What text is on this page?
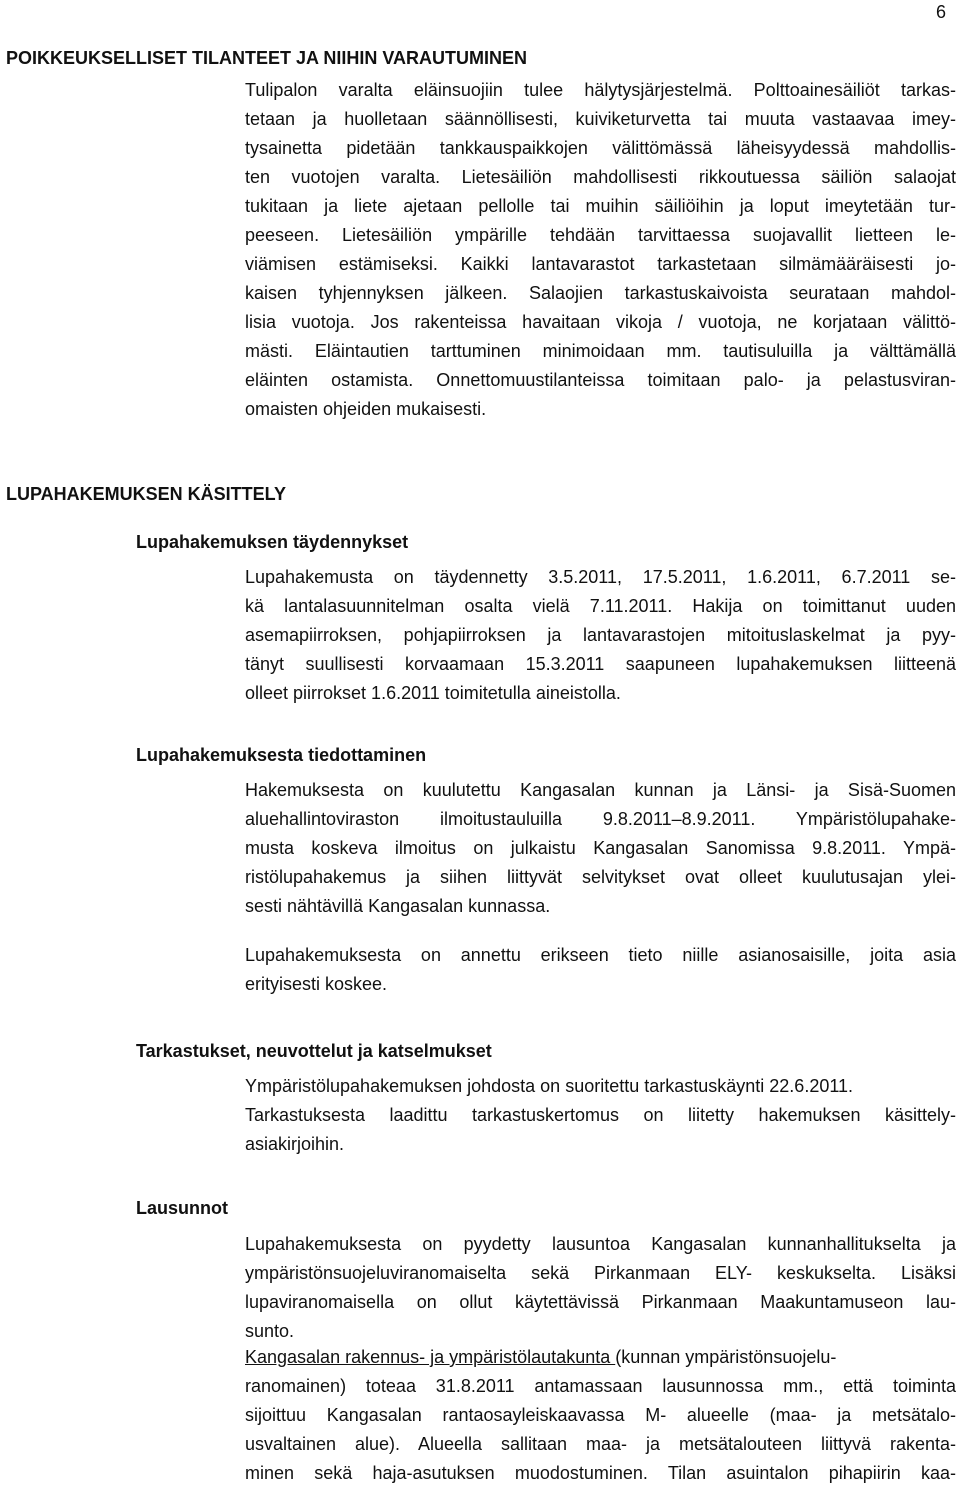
6
POIKKEUKSELLISET TILANTEET JA NIIHIN VARAUTUMINEN
Tulipalon varalta eläinsuojiin tulee hälytysjärjestelmä. Polttoainesäiliöt tarkas-
tetaan ja huolletaan säännöllisesti, kuiviketurvetta tai muuta vastaavaa imey-
tysainetta pidetään tankkauspaikkojen välittömässä läheisyydessä mahdollis-
ten vuotojen varalta. Lietesäiliön mahdollisesti rikkoutuessa säiliön salaojat
tukitaan ja liete ajetaan pellolle tai muihin säiliöihin ja loput imeytetään tur-
peeseen. Lietesäiliön ympärille tehdään tarvittaessa suojavallit lietteen le-
viämisen estämiseksi. Kaikki lantavarastot tarkastetaan silmämääräisesti jo-
kaisen tyhjennyksen jälkeen. Salaojien tarkastuskaivoista seurataan mahdol-
lisia vuotoja. Jos rakenteissa havaitaan vikoja / vuotoja, ne korjataan välittö-
mästi. Eläintautien tarttuminen minimoidaan mm. tautisuluilla ja välttämällä
eläinten ostamista. Onnettomuustilanteissa toimitaan palo- ja pelastusviran-
omaisten ohjeiden mukaisesti.
LUPAHAKEMUKSEN KÄSITTELY
Lupahakemuksen täydennykset
Lupahakemusta on täydennetty 3.5.2011, 17.5.2011, 1.6.2011, 6.7.2011 se-
kä lantalasuunnitelman osalta vielä 7.11.2011. Hakija on toimittanut uuden
asemapiirroksen, pohjapiirroksen ja lantavarastojen mitoituslaskelmat ja pyy-
tänyt suullisesti korvaamaan 15.3.2011 saapuneen lupahakemuksen liitteenä
olleet piirrokset 1.6.2011 toimitetulla aineistolla.
Lupahakemuksesta tiedottaminen
Hakemuksesta on kuulutettu Kangasalan kunnan ja Länsi- ja Sisä-Suomen
aluehallintoviraston ilmoitustauluilla 9.8.2011–8.9.2011. Ympäristölupahake-
musta koskeva ilmoitus on julkaistu Kangasalan Sanomissa 9.8.2011. Ympä-
ristölupahakemus ja siihen liittyvät selvitykset ovat olleet kuulutusajan ylei-
sesti nähtävillä Kangasalan kunnassa.
Lupahakemuksesta on annettu erikseen tieto niille asianosaisille, joita asia
erityisesti koskee.
Tarkastukset, neuvottelut ja katselmukset
Ympäristölupahakemuksen johdosta on suoritettu tarkastuskäynti 22.6.2011.
Tarkastuksesta laadittu tarkastuskertomus on liitetty hakemuksen käsittely-
asiakirjoihin.
Lausunnot
Lupahakemuksesta on pyydetty lausuntoa Kangasalan kunnanhallitukselta ja
ympäristönsuojeluviranomaiselta sekä Pirkanmaan ELY- keskukselta. Lisäksi
lupaviranomaisella on ollut käytettävissä Pirkanmaan Maakuntamuseon lau-
sunto.
Kangasalan rakennus- ja ympäristölautakunta (kunnan ympäristönsuojelu-
ranomainen) toteaa 31.8.2011 antamassaan lausunnossa mm., että toiminta
sijoittuu Kangasalan rantaosayleiskaavassa M- alueelle (maa- ja metsätalo-
usvaltainen alue). Alueella sallitaan maa- ja metsätalouteen liittyvä rakenta-
minen sekä haja-asutuksen muodostuminen. Tilan asuintalon pihapiirin kaa-
